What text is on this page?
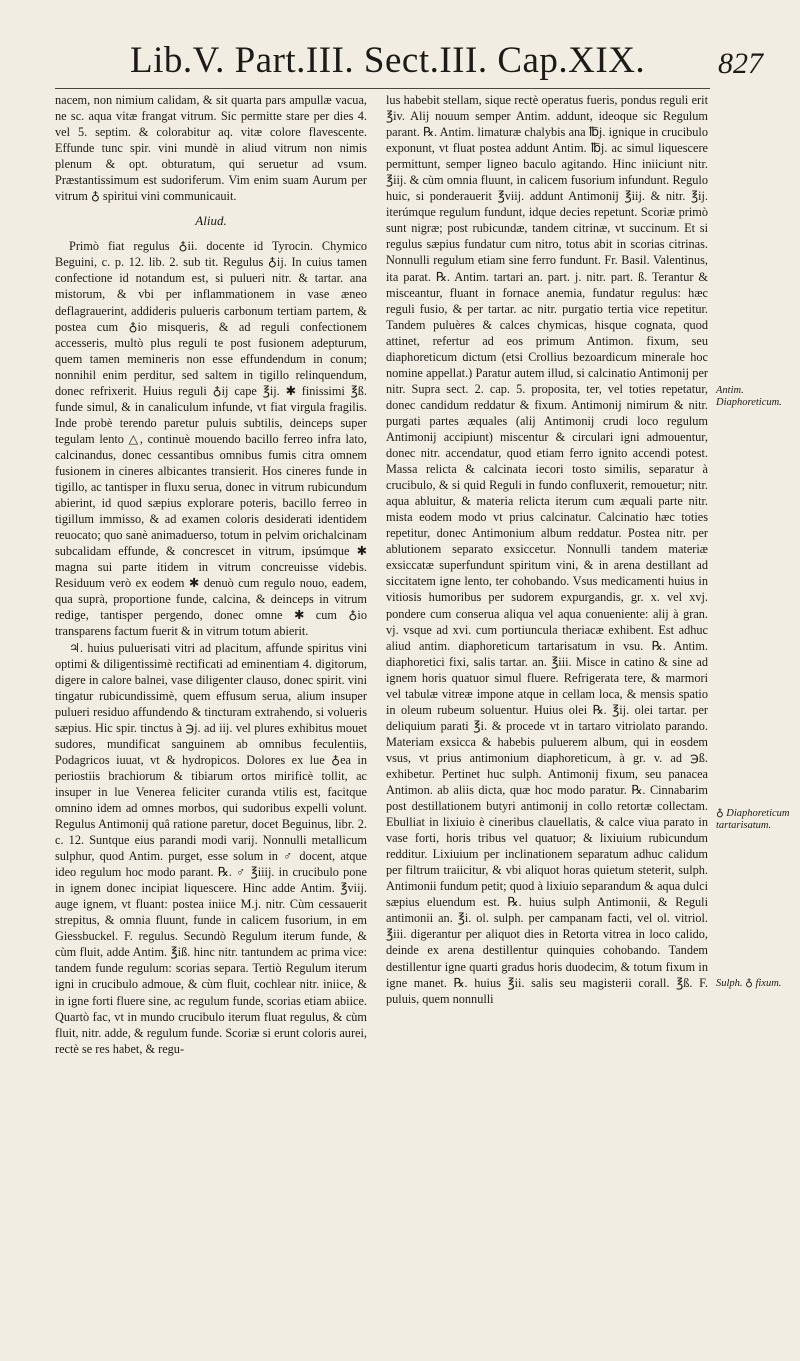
Lib.V. Part.III. Sect.III. Cap.XIX.	827

nacem, non nimium calidam, & sit quarta pars ampullæ vacua, ne sc. aqua vitæ frangat vitrum. Sic permitte stare per dies 4. vel 5. septim. & colorabitur aq. vitæ colore flavescente. Effunde tunc spir. vini mundè in aliud vitrum non nimis plenum & opt. obturatum, qui seruetur ad vsum. Præstantissimum est sudoriferum. Vim enim suam Aurum per vitrum ♁ spiritui vini communicauit.

Aliud.

Primò fiat regulus ♁ii. docente id Tyrocin. Chymico Beguini, c. p. 12. lib. 2. sub tit. Regulus ♁ij. In cuius tamen confectione id notandum est, si pulueri nitr. & tartar. ana mistorum, & vbi per inflammationem in vase æneo deflagrauerint, addideris pulueris carbonum tertiam partem, & postea cum ♁io misqueris, & ad reguli confectionem accesseris, multò plus reguli te post fusionem adepturum, quem tamen memineris non esse effundendum in conum; nonnihil enim perditur, sed saltem in tigillo relinquendum, donec refrixerit. Huius reguli ♁ij cape ℥ij. ✱ finissimi ℥ß. funde simul, & in canaliculum infunde, vt fiat virgula fragilis. Inde probè terendo paretur puluis subtilis, deinceps super tegulam lento △, continuè mouendo bacillo ferreo infra lato, calcinandus, donec cessantibus omnibus fumis citra omnem fusionem in cineres albicantes transierit. Hos cineres funde in tigillo, ac tantisper in fluxu serua, donec in vitrum rubicundum abierint, id quod sæpius explorare poteris, bacillo ferreo in tigillum immisso, & ad examen coloris desiderati identidem reuocato; quo sanè animaduerso, totum in pelvim orichalcinam subcalidam effunde, & concrescet in vitrum, ipsúmque ✱ magna sui parte itidem in vitrum concreuisse videbis. Residuum verò ex eodem ✱ denuò cum regulo nouo, eadem, qua suprà, proportione funde, calcina, & deinceps in vitrum redige, tantisper pergendo, donec omne ✱ cum ♁io transparens factum fuerit & in vitrum totum abierit.

♃. huius puluerisati vitri ad placitum, affunde spiritus vini optimi & diligentissimè rectificati ad eminentiam 4. digitorum, digere in calore balnei, vase diligenter clauso, donec spirit. vini tingatur rubicundissimè, quem effusum serua, alium insuper pulueri residuo affundendo & tincturam extrahendo, si volueris sæpius. Hic spir. tinctus à ℈j. ad iij. vel plures exhibitus mouet sudores, mundificat sanguinem ab omnibus feculentiis, Podagricos iuuat, vt & hydropicos. Dolores ex lue ♁ea in periostiis brachiorum & tibiarum ortos mirificè tollit, ac insuper in lue Venerea feliciter curanda vtilis est, facitque omnino idem ad omnes morbos, qui sudoribus expelli volunt. Regulus Antimonij quâ ratione paretur, docet Beguinus, libr. 2. c. 12. Suntque eius parandi modi varij. Nonnulli metallicum sulphur, quod Antim. purget, esse solum in ♂ docent, atque ideo regulum hoc modo parant. ℞. ♂ ℥iiij. in crucibulo pone in ignem donec incipiat liquescere. Hinc adde Antim. ℥viij. auge ignem, vt fluant: postea iniice M.j. nitr. Cùm cessauerit strepitus, & omnia fluunt, funde in calicem fusorium, in em Giessbuckel. F. regulus. Secundò Regulum iterum funde, & cùm fluit, adde Antim. ℥iß. hinc nitr. tantundem ac prima vice: tandem funde regulum: scorias separa. Tertiò Regulum iterum igni in crucibulo admoue, & cùm fluit, cochlear nitr. iniice, & in igne forti fluere sine, ac regulum funde, scorias etiam abiice. Quartò fac, vt in mundo crucibulo iterum fluat regulus, & cùm fluit, nitr. adde, & regulum funde. Scoriæ si erunt coloris aurei, rectè se res habet, & regu-

lus habebit stellam, sique rectè operatus fueris, pondus reguli erit ℥iv. Alij nouum semper Antim. addunt, ideoque sic Regulum parant. ℞. Antim. limaturæ chalybis ana ℔j. ignique in crucibulo exponunt, vt fluat postea addunt Antim. ℔j. ac simul liquescere permittunt, semper ligneo baculo agitando. Hinc iniiciunt nitr. ℥iij. & cùm omnia fluunt, in calicem fusorium infundunt. Regulo huic, si ponderauerit ℥viij. addunt Antimonij ℥iij. & nitr. ℥ij. iterúmque regulum fundunt, idque decies repetunt. Scoriæ primò sunt nigræ; post rubicundæ, tandem citrinæ, vt succinum. Et si regulus sæpius fundatur cum nitro, totus abit in scorias citrinas. Nonnulli regulum etiam sine ferro fundunt. Fr. Basil. Valentinus, ita parat. ℞. Antim. tartari an. part. j. nitr. part. ß. Terantur & misceantur, fluant in fornace anemia, fundatur regulus: hæc reguli fusio, & per tartar. ac nitr. purgatio tertia vice repetitur. Tandem puluères & calces chymicas, hisque cognata, quod attinet, refertur ad eos primum Antimon. fixum, seu diaphoreticum dictum (etsi Crollius bezoardicum minerale hoc nomine appellat.) Paratur autem illud, si calcinatio Antimonij per nitr. Supra sect. 2. cap. 5. proposita, ter, vel toties repetatur, donec candidum reddatur & fixum. Antimonij nimirum & nitr. purgati partes æquales (alij Antimonij crudi loco regulum Antimonij accipiunt) miscentur & circulari igni admouentur, donec nitr. accendatur, quod etiam ferro ignito accendi potest. Massa relicta & calcinata iecori tosto similis, separatur à crucibulo, & si quid Reguli in fundo confluxerit, remouetur; nitr. aqua abluitur, & materia relicta iterum cum æquali parte nitr. mista eodem modo vt prius calcinatur. Calcinatio hæc toties repetitur, donec Antimonium album reddatur. Postea nitr. per ablutionem separato exsiccetur. Nonnulli tandem materiæ exsiccatæ superfundunt spiritum vini, & in arena destillant ad siccitatem igne lento, ter cohobando. Vsus medicamenti huius in vitiosis humoribus per sudorem expurgandis, gr. x. vel xvj. pondere cum conserua aliqua vel aqua conueniente: alij à gran. vj. vsque ad xvi. cum portiuncula theriacæ exhibent. Est adhuc aliud antim. diaphoreticum tartarisatum in vsu. ℞. Antim. diaphoretici fixi, salis tartar. an. ℥iii. Misce in catino & sine ad ignem horis quatuor simul fluere. Refrigerata tere, & marmori vel tabulæ vitreæ impone atque in cellam loca, & mensis spatio in oleum rubeum soluentur. Huius olei ℞. ℥ij. olei tartar. per deliquium parati ℥i. & procede vt in tartaro vitriolato parando. Materiam exsicca & habebis puluerem album, qui in eosdem vsus, vt prius antimonium diaphoreticum, à gr. v. ad ℈ß. exhibetur. Pertinet huc sulph. Antimonij fixum, seu panacea Antimon. ab aliis dicta, quæ hoc modo paratur. ℞. Cinnabarim post destillationem butyri antimonij in collo retortæ collectam. Ebulliat in lixiuio è cineribus clauellatis, & calce viua parato in vase forti, horis tribus vel quatuor; & lixiuium rubicundum redditur. Lixiuium per inclinationem separatum adhuc calidum per filtrum traiicitur, & vbi aliquot horas quietum steterit, sulph. Antimonii fundum petit; quod à lixiuio separandum & aqua dulci sæpius eluendum est. ℞. huius sulph Antimonii, & Reguli antimonii an. ℥i. ol. sulph. per campanam facti, vel ol. vitriol. ℥iii. digerantur per aliquot dies in Retorta vitrea in loco calido, deinde ex arena destillentur quinquies cohobando. Tandem destillentur igne quarti gradus horis duodecim, & totum fixum in igne manet. ℞. huius ℥ii. salis seu magisterii corall. ℥ß. F. puluis, quem nonnulli

Antim. Diaphoreticum.
♁ Diaphoreticum tartarisatum.
Sulph. ♁ fixum.
